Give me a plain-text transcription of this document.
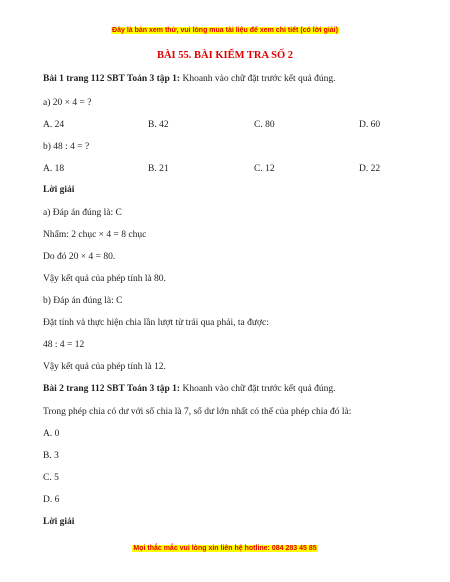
Đây là bản xem thử, vui lòng mua tài liệu để xem chi tiết (có lời giải)
BÀI 55. BÀI KIỂM TRA SỐ 2
Bài 1 trang 112 SBT Toán 3 tập 1: Khoanh vào chữ đặt trước kết quả đúng.
a) 20 × 4 = ?
A. 24	B. 42	C. 80	D. 60
b) 48 : 4 = ?
A. 18	B. 21	C. 12	D. 22
Lời giải
a) Đáp án đúng là: C
Nhẩm: 2 chục × 4 = 8 chục
Do đó 20 × 4 = 80.
Vậy kết quả của phép tính là 80.
b) Đáp án đúng là: C
Đặt tính và thực hiện chia lần lượt từ trái qua phải, ta được:
48 : 4 = 12
Vậy kết quả của phép tính là 12.
Bài 2 trang 112 SBT Toán 3 tập 1: Khoanh vào chữ đặt trước kết quả đúng.
Trong phép chia có dư với số chia là 7, số dư lớn nhất có thể của phép chia đó là:
A. 0
B. 3
C. 5
D. 6
Lời giải
Mọi thắc mắc vui lòng xin liên hệ hotline: 084 283 45 85
